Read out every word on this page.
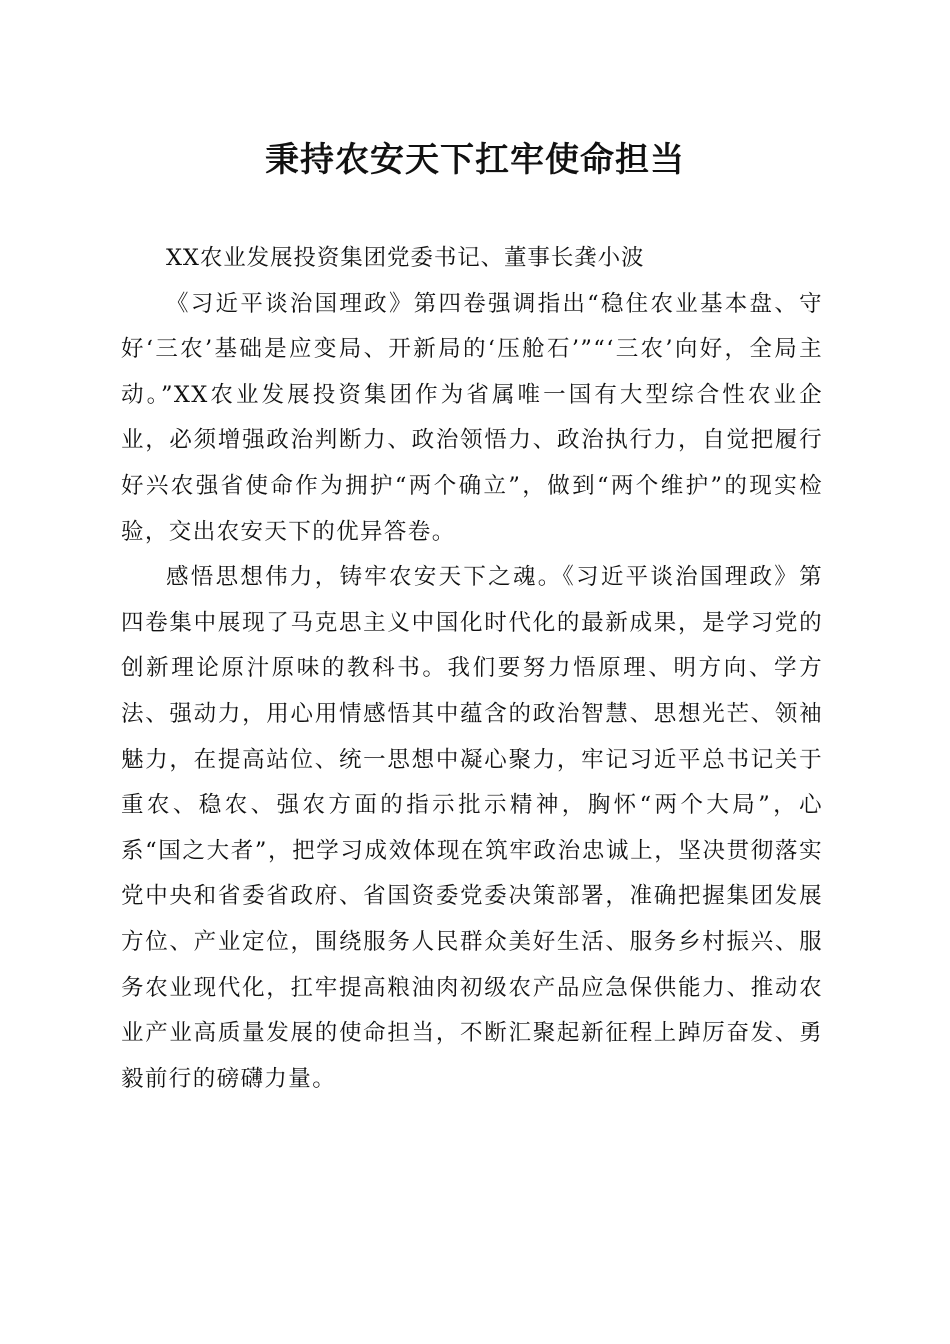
秉持农安天下扛牢使命担当

XX农业发展投资集团党委书记、董事长龚小波

《习近平谈治国理政》第四卷强调指出“稳住农业基本盘、守好‘三农’基础是应变局、开新局的‘压舱石’”“‘三农’向好，全局主动。”XX农业发展投资集团作为省属唯一国有大型综合性农业企业，必须增强政治判断力、政治领悟力、政治执行力，自觉把履行好兴农强省使命作为拥护“两个确立”，做到“两个维护”的现实检验，交出农安天下的优异答卷。

感悟思想伟力，铸牢农安天下之魂。《习近平谈治国理政》第四卷集中展现了马克思主义中国化时代化的最新成果，是学习党的创新理论原汁原味的教科书。我们要努力悟原理、明方向、学方法、强动力，用心用情感悟其中蕴含的政治智慧、思想光芒、领袖魅力，在提高站位、统一思想中凝心聚力，牢记习近平总书记关于重农、稳农、强农方面的指示批示精神，胸怀“两个大局”，心系“国之大者”，把学习成效体现在筑牢政治忠诚上，坚决贯彻落实党中央和省委省政府、省国资委党委决策部署，准确把握集团发展方位、产业定位，围绕服务人民群众美好生活、服务乡村振兴、服务农业现代化，扛牢提高粮油肉初级农产品应急保供能力、推动农业产业高质量发展的使命担当，不断汇聚起新征程上踔厉奋发、勇毅前行的磅礴力量。
